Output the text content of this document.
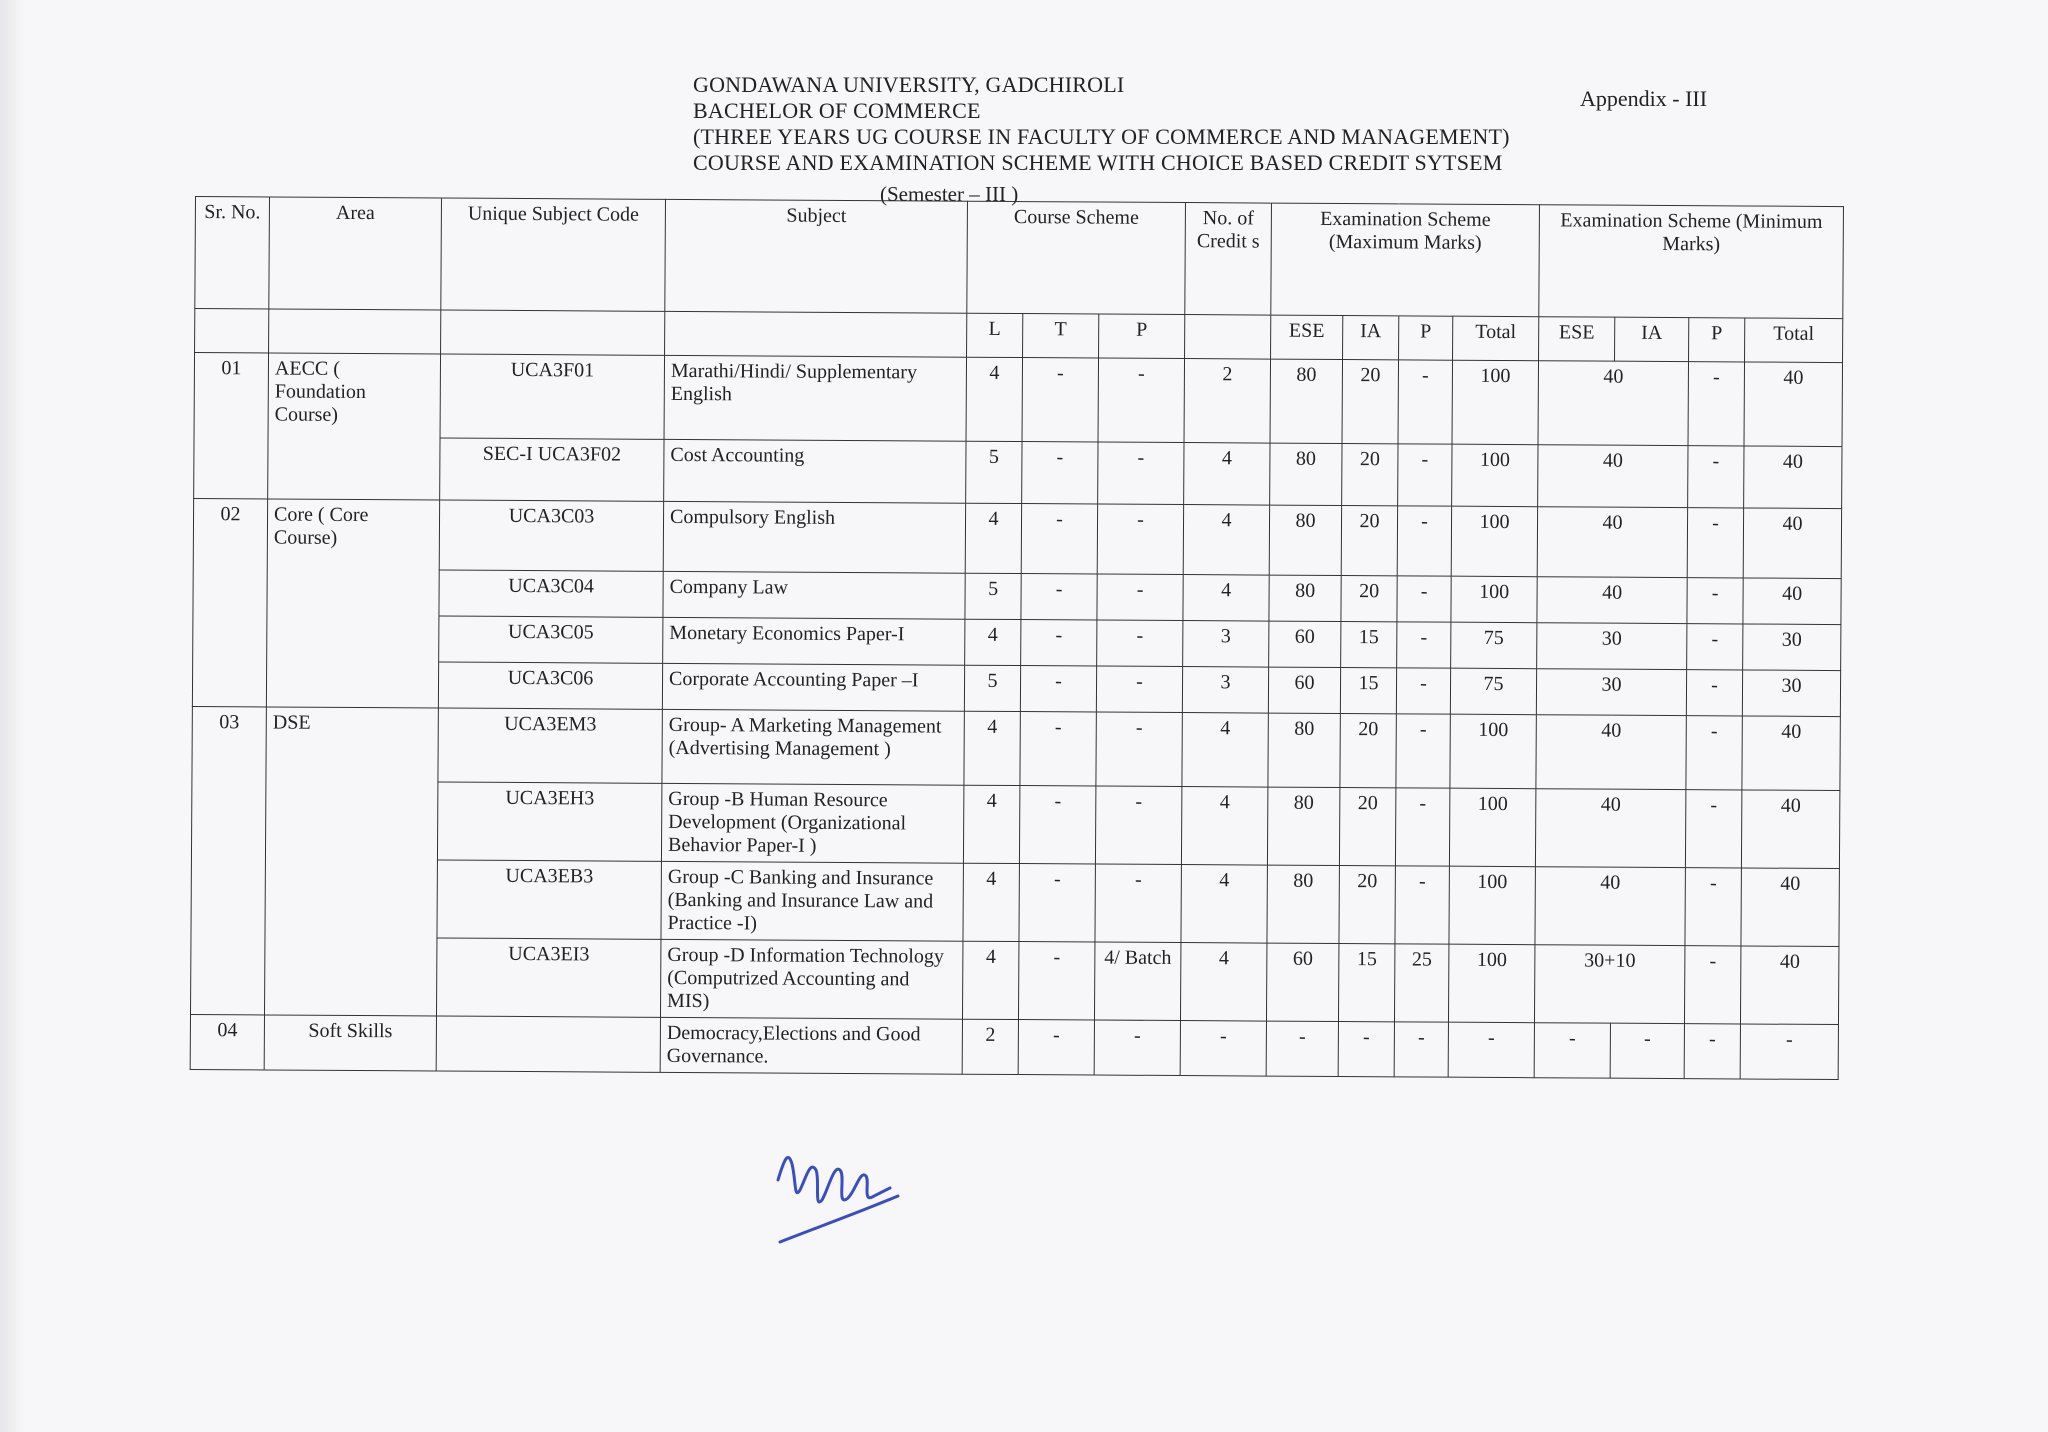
GONDAWANA UNIVERSITY, GADCHIROLI
BACHELOR OF COMMERCE
(THREE YEARS UG COURSE IN FACULTY OF COMMERCE AND MANAGEMENT)
COURSE AND EXAMINATION SCHEME WITH CHOICE BASED CREDIT SYTSEM
Appendix - III
(Semester – III )
Sr. No.	Area	Unique Subject Code	Subject	Course Scheme			No. of Credit s	Examination Scheme (Maximum Marks)				Examination Scheme (Minimum Marks)			
				L	T	P		ESE	IA	P	Total	ESE	IA	P	Total
01	AECC ( Foundation Course)	UCA3F01	Marathi/Hindi/ Supplementary English	4	-	-	2	80	20	-	100	40		-	40
		SEC-I UCA3F02	Cost Accounting	5	-	-	4	80	20	-	100	40		-	40
02	Core ( Core Course)	UCA3C03	Compulsory English	4	-	-	4	80	20	-	100	40		-	40
		UCA3C04	Company Law	5	-	-	4	80	20	-	100	40		-	40
		UCA3C05	Monetary Economics Paper-I	4	-	-	3	60	15	-	75	30		-	30
		UCA3C06	Corporate Accounting Paper –I	5	-	-	3	60	15	-	75	30		-	30
03	DSE	UCA3EM3	Group- A Marketing Management (Advertising Management )	4	-	-	4	80	20	-	100	40		-	40
		UCA3EH3	Group -B Human Resource Development (Organizational Behavior Paper-I )	4	-	-	4	80	20	-	100	40		-	40
		UCA3EB3	Group -C Banking and Insurance (Banking and Insurance Law and Practice -I)	4	-	-	4	80	20	-	100	40		-	40
		UCA3EI3	Group -D Information Technology (Computrized Accounting and MIS)	4	-	4/ Batch	4	60	15	25	100	30+10		-	40
04	Soft Skills		Democracy,Elections and Good Governance.	2	-	-	-	-	-	-	-	-	-	-	-
